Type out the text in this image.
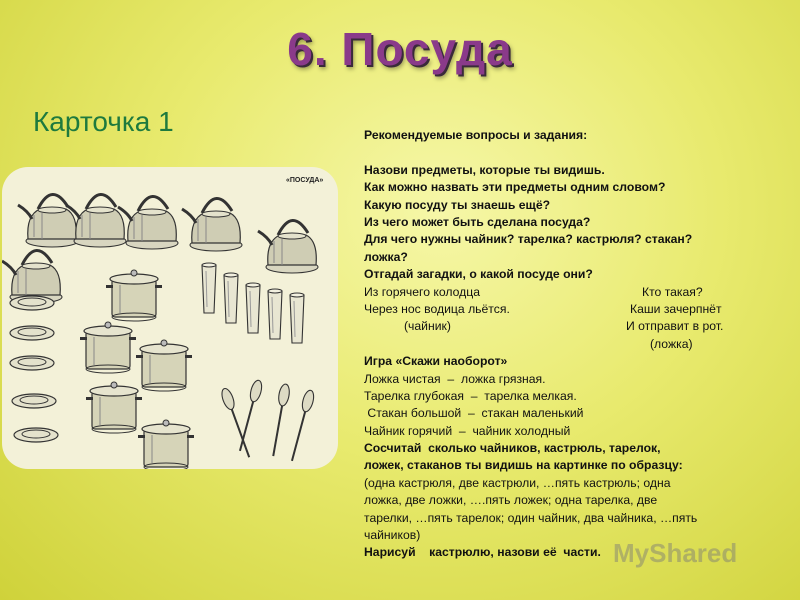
6. Посуда
Карточка 1
«ПОСУДА»
Рекомендуемые вопросы и задания:
Назови предметы, которые ты видишь.
Как можно назвать эти предметы одним словом?
Какую посуду ты знаешь ещё?
Из чего может быть сделана посуда?
Для чего нужны чайник? тарелка? кастрюля? стакан?
ложка?
Отгадай загадки, о какой посуде они?
Из горячего колодца
Через нос водица льётся.
(чайник)
Кто такая?
Каши зачерпнёт
И отправит в рот.
(ложка)
Игра «Скажи наоборот»
Ложка чистая  –  ложка грязная.
Тарелка глубокая  –  тарелка мелкая.
Стакан большой  –  стакан маленький
Чайник горячий  –  чайник холодный
Сосчитай  сколько чайников, кастрюль, тарелок,
ложек, стаканов ты видишь на картинке по образцу:
(одна кастрюля, две кастрюли, …пять кастрюль; одна
ложка, две ложки, ….пять ложек; одна тарелка, две
тарелки, …пять тарелок; один чайник, два чайника, …пять
чайников)
Нарисуй    кастрюлю, назови её  части. MyShared
